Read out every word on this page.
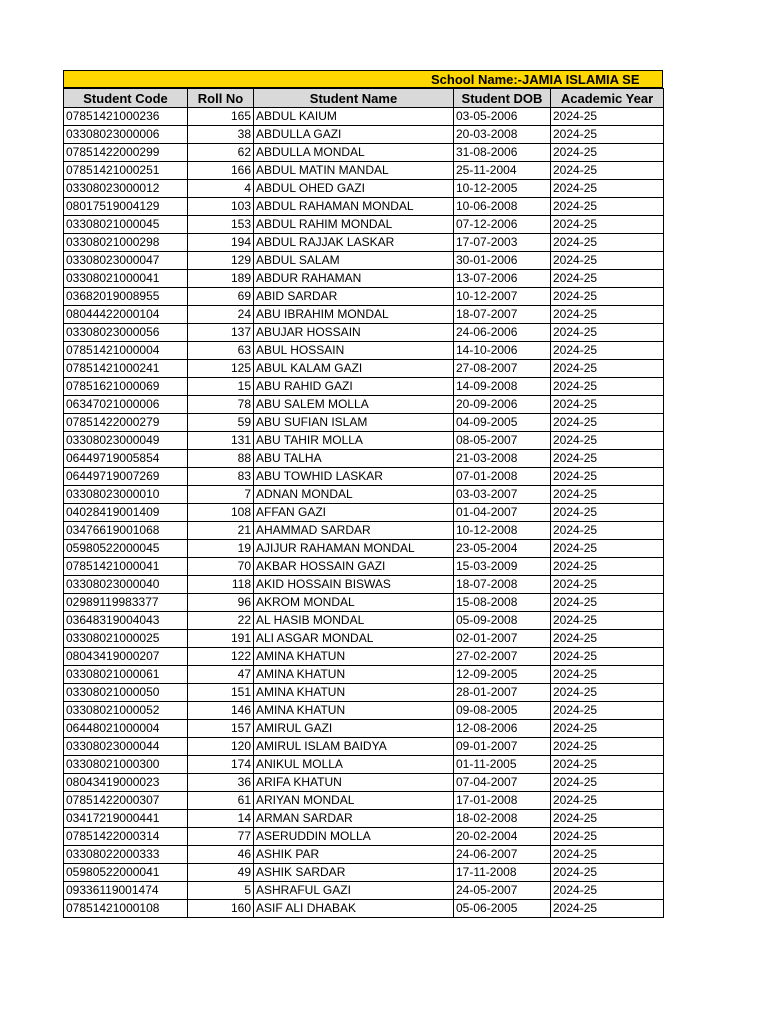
School Name:-JAMIA ISLAMIA SE
Student Code	Roll No	Student Name	Student DOB	Academic Year
07851421000236	165	ABDUL KAIUM	03-05-2006	2024-25
03308023000006	38	ABDULLA GAZI	20-03-2008	2024-25
07851422000299	62	ABDULLA MONDAL	31-08-2006	2024-25
07851421000251	166	ABDUL MATIN MANDAL	25-11-2004	2024-25
03308023000012	4	ABDUL OHED GAZI	10-12-2005	2024-25
08017519004129	103	ABDUL RAHAMAN MONDAL	10-06-2008	2024-25
03308021000045	153	ABDUL RAHIM MONDAL	07-12-2006	2024-25
03308021000298	194	ABDUL RAJJAK LASKAR	17-07-2003	2024-25
03308023000047	129	ABDUL SALAM	30-01-2006	2024-25
03308021000041	189	ABDUR RAHAMAN	13-07-2006	2024-25
03682019008955	69	ABID SARDAR	10-12-2007	2024-25
08044422000104	24	ABU IBRAHIM MONDAL	18-07-2007	2024-25
03308023000056	137	ABUJAR HOSSAIN	24-06-2006	2024-25
07851421000004	63	ABUL HOSSAIN	14-10-2006	2024-25
07851421000241	125	ABUL KALAM GAZI	27-08-2007	2024-25
07851621000069	15	ABU RAHID GAZI	14-09-2008	2024-25
06347021000006	78	ABU SALEM MOLLA	20-09-2006	2024-25
07851422000279	59	ABU SUFIAN ISLAM	04-09-2005	2024-25
03308023000049	131	ABU TAHIR MOLLA	08-05-2007	2024-25
06449719005854	88	ABU TALHA	21-03-2008	2024-25
06449719007269	83	ABU TOWHID LASKAR	07-01-2008	2024-25
03308023000010	7	ADNAN MONDAL	03-03-2007	2024-25
04028419001409	108	AFFAN GAZI	01-04-2007	2024-25
03476619001068	21	AHAMMAD SARDAR	10-12-2008	2024-25
05980522000045	19	AJIJUR RAHAMAN MONDAL	23-05-2004	2024-25
07851421000041	70	AKBAR HOSSAIN GAZI	15-03-2009	2024-25
03308023000040	118	AKID HOSSAIN BISWAS	18-07-2008	2024-25
02989119983377	96	AKROM MONDAL	15-08-2008	2024-25
03648319004043	22	AL HASIB MONDAL	05-09-2008	2024-25
03308021000025	191	ALI ASGAR MONDAL	02-01-2007	2024-25
08043419000207	122	AMINA KHATUN	27-02-2007	2024-25
03308021000061	47	AMINA KHATUN	12-09-2005	2024-25
03308021000050	151	AMINA KHATUN	28-01-2007	2024-25
03308021000052	146	AMINA KHATUN	09-08-2005	2024-25
06448021000004	157	AMIRUL GAZI	12-08-2006	2024-25
03308023000044	120	AMIRUL ISLAM BAIDYA	09-01-2007	2024-25
03308021000300	174	ANIKUL MOLLA	01-11-2005	2024-25
08043419000023	36	ARIFA KHATUN	07-04-2007	2024-25
07851422000307	61	ARIYAN MONDAL	17-01-2008	2024-25
03417219000441	14	ARMAN SARDAR	18-02-2008	2024-25
07851422000314	77	ASERUDDIN MOLLA	20-02-2004	2024-25
03308022000333	46	ASHIK PAR	24-06-2007	2024-25
05980522000041	49	ASHIK SARDAR	17-11-2008	2024-25
09336119001474	5	ASHRAFUL GAZI	24-05-2007	2024-25
07851421000108	160	ASIF ALI DHABAK	05-06-2005	2024-25
